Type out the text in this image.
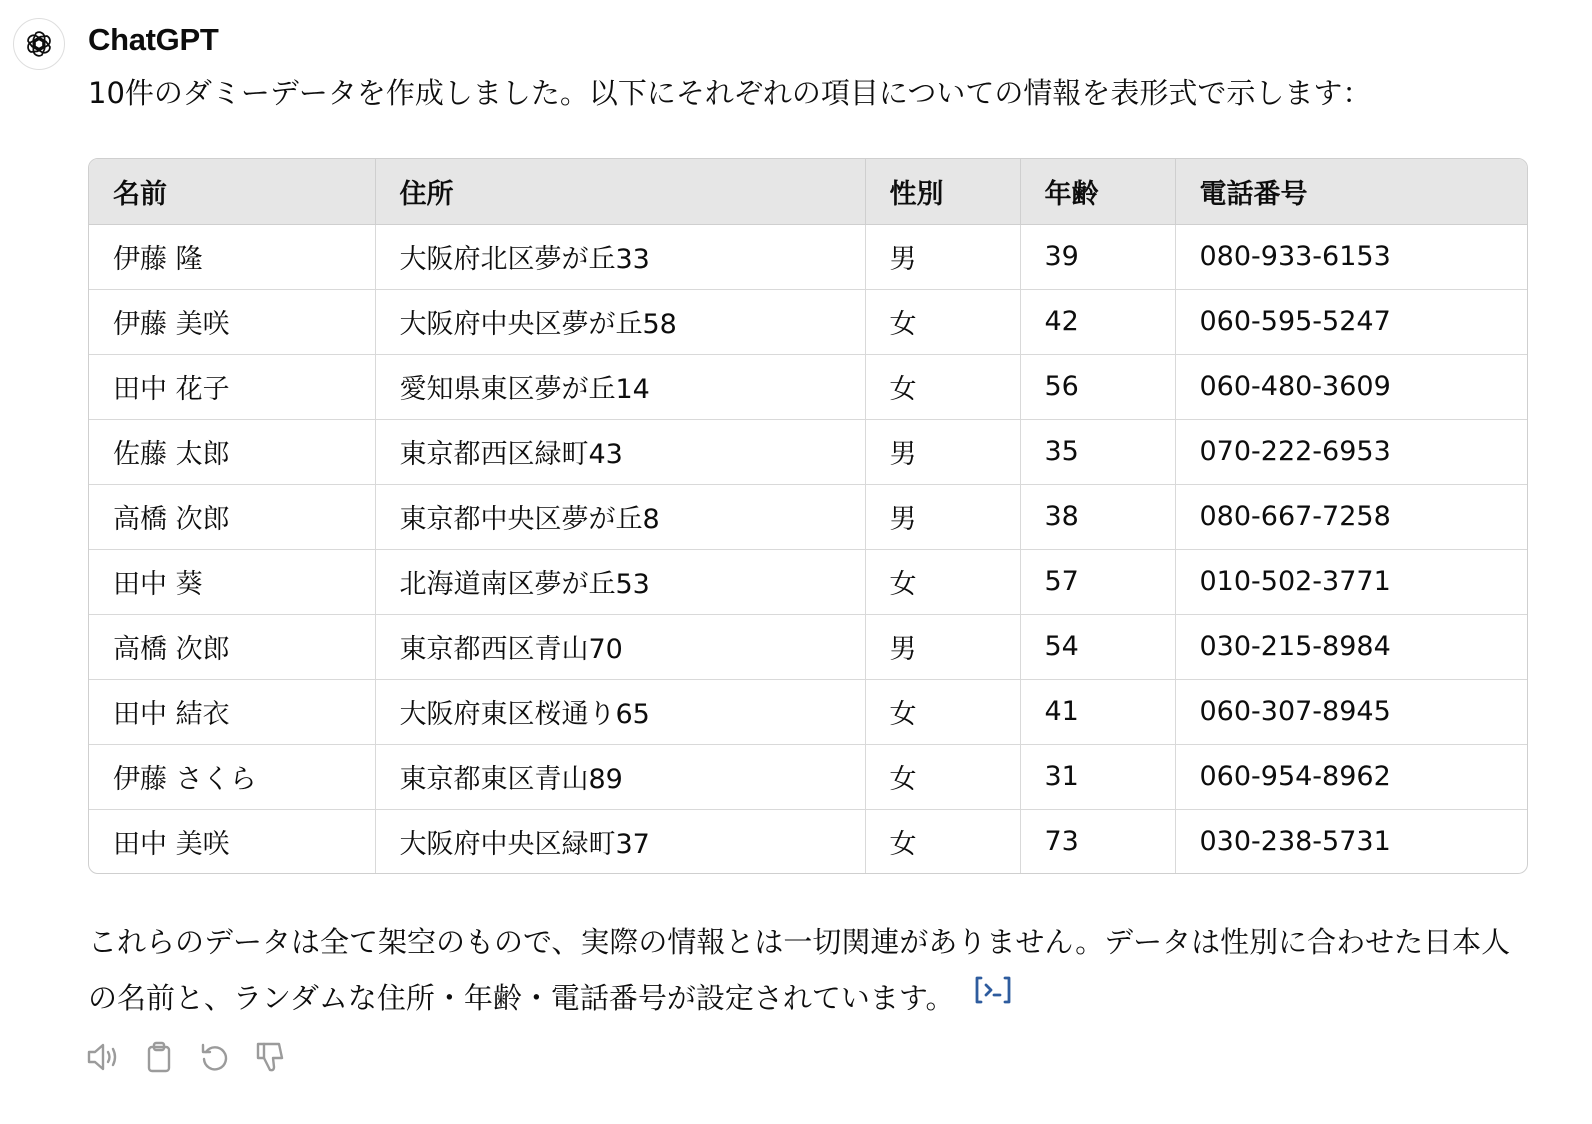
ChatGPT
10件のダミーデータを作成しました。以下にそれぞれの項目についての情報を表形式で示します：
名前	住所	性別	年齢	電話番号
伊藤 隆	大阪府北区夢が丘33	男	39	080-933-6153
伊藤 美咲	大阪府中央区夢が丘58	女	42	060-595-5247
田中 花子	愛知県東区夢が丘14	女	56	060-480-3609
佐藤 太郎	東京都西区緑町43	男	35	070-222-6953
高橋 次郎	東京都中央区夢が丘8	男	38	080-667-7258
田中 葵	北海道南区夢が丘53	女	57	010-502-3771
高橋 次郎	東京都西区青山70	男	54	030-215-8984
田中 結衣	大阪府東区桜通り65	女	41	060-307-8945
伊藤 さくら	東京都東区青山89	女	31	060-954-8962
田中 美咲	大阪府中央区緑町37	女	73	030-238-5731
これらのデータは全て架空のもので、実際の情報とは一切関連がありません。データは性別に合わせた日本人の名前と、ランダムな住所・年齢・電話番号が設定されています。
